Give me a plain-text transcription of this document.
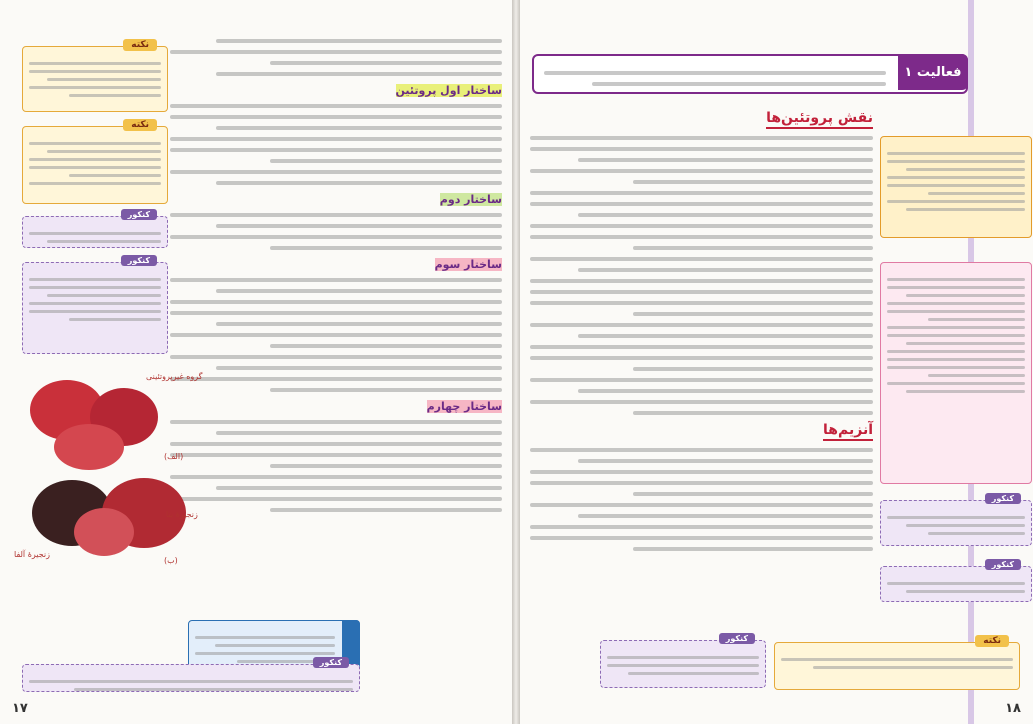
ساختار اول پروتئین
ساختار دوم
ساختار سوم
ساختار چهارم
نکته
نکته
کنکور
کنکور
گروه غیرپروتئینی
(الف)
زنجیرهٔ بتا
زنجیرهٔ آلفا
(ب)
کنکور
۱۷
فعالیت ۱
نقش پروتئین‌ها
آنزیم‌ها
کنکور
کنکور
کنکور	نکته
۱۸
